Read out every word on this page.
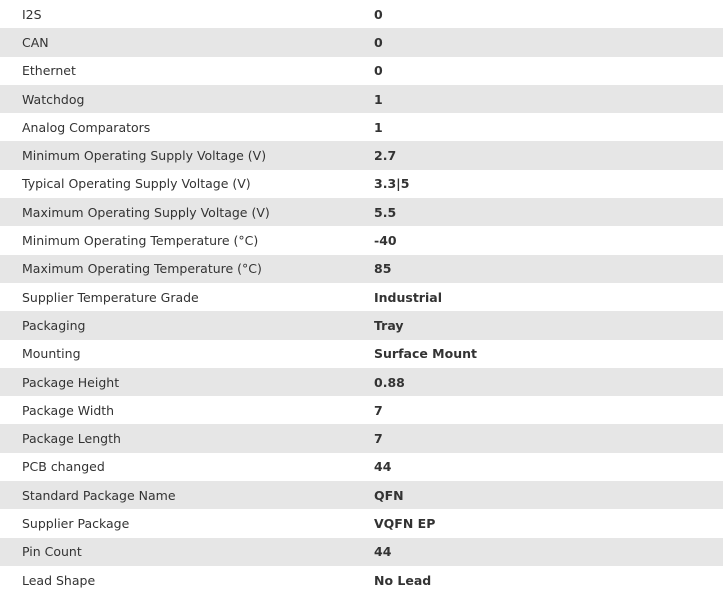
I2S	0
CAN	0
Ethernet	0
Watchdog	1
Analog Comparators	1
Minimum Operating Supply Voltage (V)	2.7
Typical Operating Supply Voltage (V)	3.3|5
Maximum Operating Supply Voltage (V)	5.5
Minimum Operating Temperature (°C)	-40
Maximum Operating Temperature (°C)	85
Supplier Temperature Grade	Industrial
Packaging	Tray
Mounting	Surface Mount
Package Height	0.88
Package Width	7
Package Length	7
PCB changed	44
Standard Package Name	QFN
Supplier Package	VQFN EP
Pin Count	44
Lead Shape	No Lead
